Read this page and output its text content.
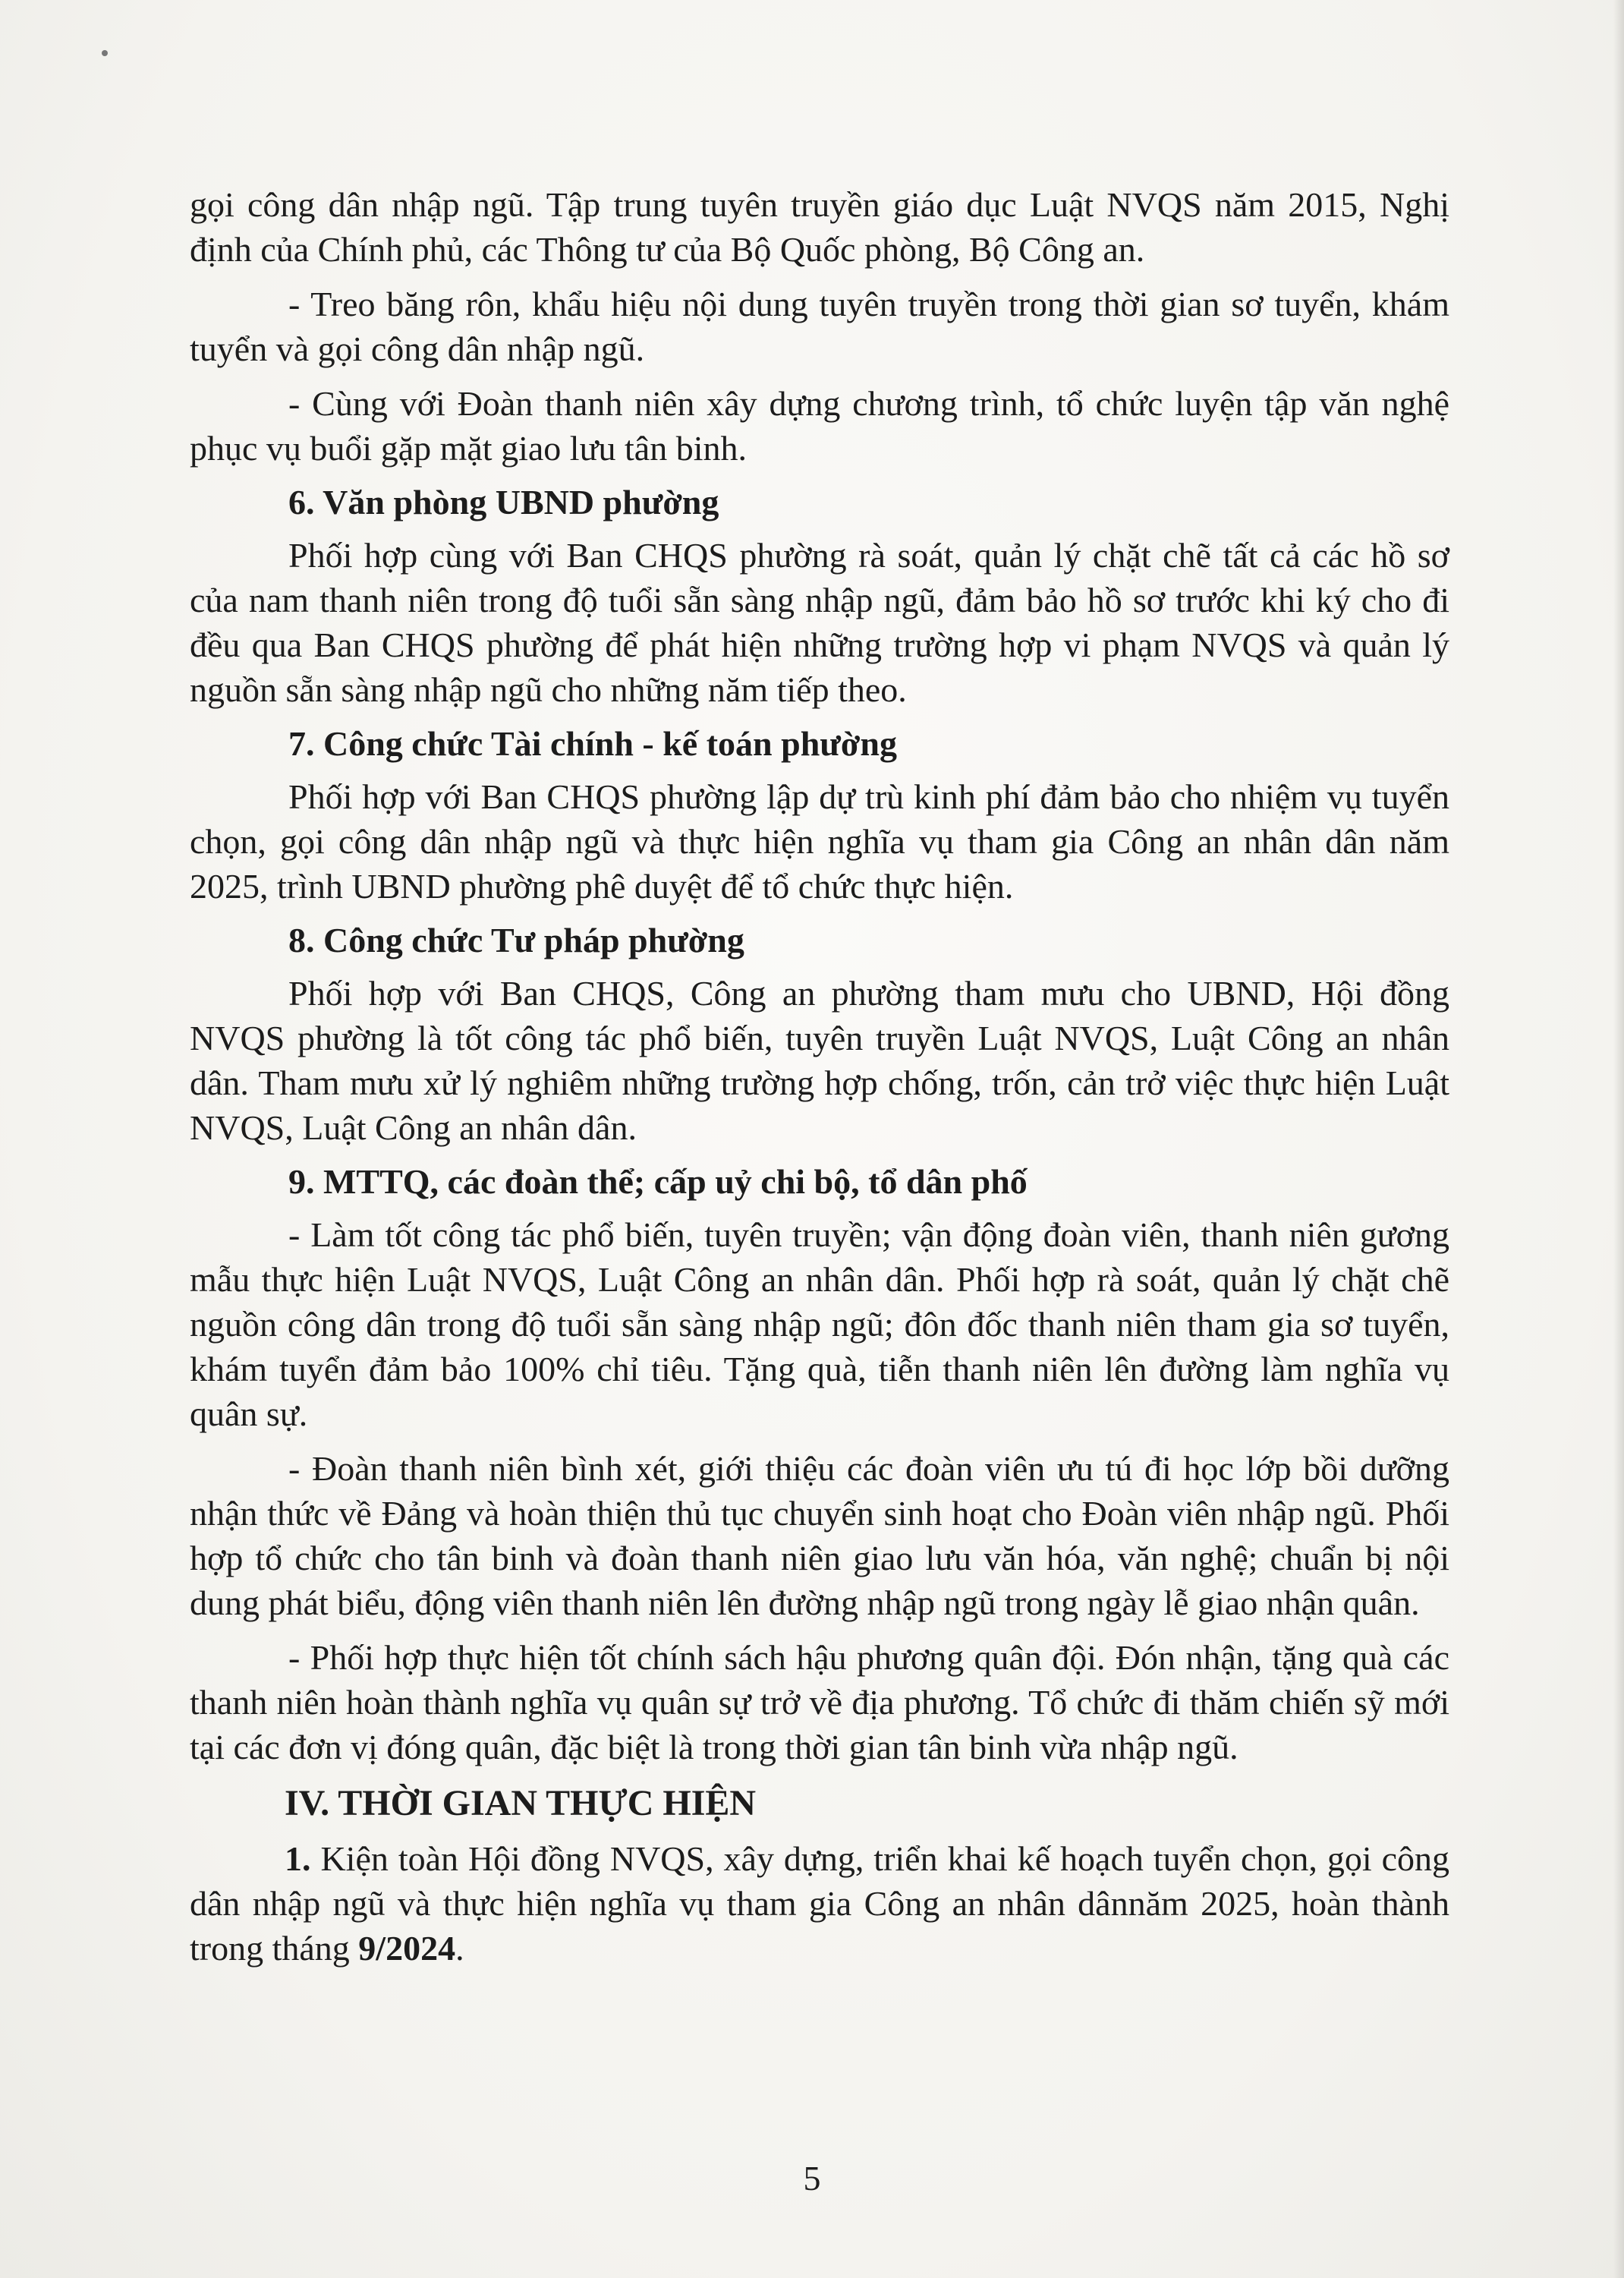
gọi công dân nhập ngũ. Tập trung tuyên truyền giáo dục Luật NVQS năm 2015, Nghị định của Chính phủ, các Thông tư của Bộ Quốc phòng, Bộ Công an.

- Treo băng rôn, khẩu hiệu nội dung tuyên truyền trong thời gian sơ tuyển, khám tuyển và gọi công dân nhập ngũ.

- Cùng với Đoàn thanh niên xây dựng chương trình, tổ chức luyện tập văn nghệ phục vụ buổi gặp mặt giao lưu tân binh.

6. Văn phòng UBND phường

Phối hợp cùng với Ban CHQS phường rà soát, quản lý chặt chẽ tất cả các hồ sơ của nam thanh niên trong độ tuổi sẵn sàng nhập ngũ, đảm bảo hồ sơ trước khi ký cho đi đều qua Ban CHQS phường để phát hiện những trường hợp vi phạm NVQS và quản lý nguồn sẵn sàng nhập ngũ cho những năm tiếp theo.

7. Công chức Tài chính - kế toán phường

Phối hợp với Ban CHQS phường lập dự trù kinh phí đảm bảo cho nhiệm vụ tuyển chọn, gọi công dân nhập ngũ và thực hiện nghĩa vụ tham gia Công an nhân dân năm 2025, trình UBND phường phê duyệt để tổ chức thực hiện.

8. Công chức Tư pháp phường

Phối hợp với Ban CHQS, Công an phường tham mưu cho UBND, Hội đồng NVQS phường là tốt công tác phổ biến, tuyên truyền Luật NVQS, Luật Công an nhân dân. Tham mưu xử lý nghiêm những trường hợp chống, trốn, cản trở việc thực hiện Luật NVQS, Luật Công an nhân dân.

9. MTTQ, các đoàn thể; cấp uỷ chi bộ, tổ dân phố

- Làm tốt công tác phổ biến, tuyên truyền; vận động đoàn viên, thanh niên gương mẫu thực hiện Luật NVQS, Luật Công an nhân dân. Phối hợp rà soát, quản lý chặt chẽ nguồn công dân trong độ tuổi sẵn sàng nhập ngũ; đôn đốc thanh niên tham gia sơ tuyển, khám tuyển đảm bảo 100% chỉ tiêu. Tặng quà, tiễn thanh niên lên đường làm nghĩa vụ quân sự.

- Đoàn thanh niên bình xét, giới thiệu các đoàn viên ưu tú đi học lớp bồi dưỡng nhận thức về Đảng và hoàn thiện thủ tục chuyển sinh hoạt cho Đoàn viên nhập ngũ. Phối hợp tổ chức cho tân binh và đoàn thanh niên giao lưu văn hóa, văn nghệ; chuẩn bị nội dung phát biểu, động viên thanh niên lên đường nhập ngũ trong ngày lễ giao nhận quân.

- Phối hợp thực hiện tốt chính sách hậu phương quân đội. Đón nhận, tặng quà các thanh niên hoàn thành nghĩa vụ quân sự trở về địa phương. Tổ chức đi thăm chiến sỹ mới tại các đơn vị đóng quân, đặc biệt là trong thời gian tân binh vừa nhập ngũ.

IV. THỜI GIAN THỰC HIỆN

1. Kiện toàn Hội đồng NVQS, xây dựng, triển khai kế hoạch tuyển chọn, gọi công dân nhập ngũ và thực hiện nghĩa vụ tham gia Công an nhân dânnăm 2025, hoàn thành trong tháng 9/2024.

5
